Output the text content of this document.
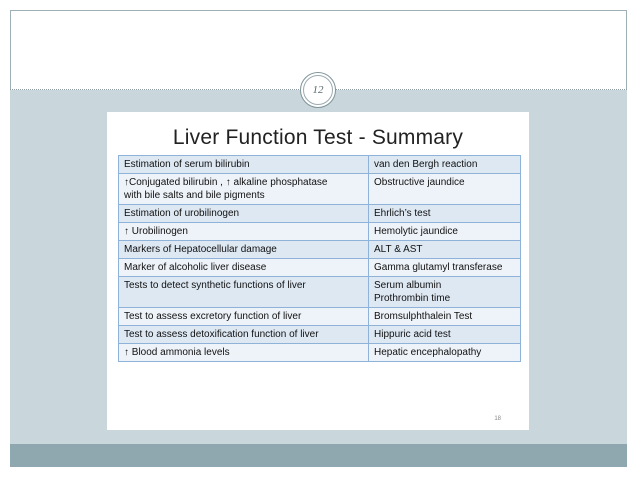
12
Liver Function Test - Summary
Estimation of serum bilirubin	van den Bergh reaction
↑Conjugated bilirubin , ↑ alkaline phosphatase
with bile salts and bile pigments	Obstructive jaundice
Estimation of urobilinogen	Ehrlich’s test
↑ Urobilinogen	Hemolytic jaundice
Markers of Hepatocellular damage	ALT & AST
Marker of alcoholic liver disease	Gamma glutamyl transferase
Tests to detect synthetic functions of liver	Serum albumin
Prothrombin time
Test to assess excretory function of liver	Bromsulphthalein Test
Test to assess detoxification function of liver	Hippuric acid test
↑ Blood ammonia levels	Hepatic encephalopathy
18
